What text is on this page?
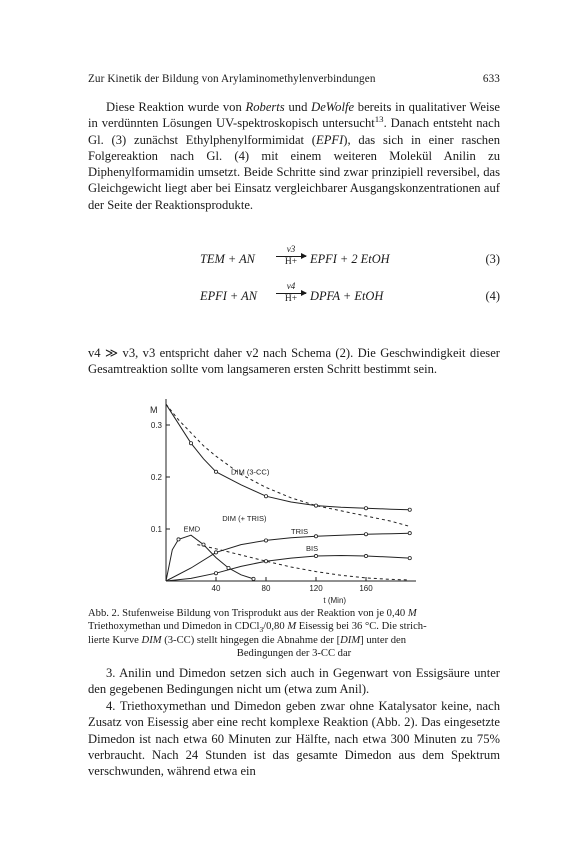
Zur Kinetik der Bildung von Arylaminomethylenverbindungen	633
Diese Reaktion wurde von Roberts und DeWolfe bereits in qualitativer Weise in verdünnten Lösungen UV-spektroskopisch untersucht$^{13}$. Danach entsteht nach Gl. (3) zunächst Ethylphenylformimidat (EPFI), das sich in einer raschen Folgereaktion nach Gl. (4) mit einem weiteren Molekül Anilin zu Diphenylformamidin umsetzt. Beide Schritte sind zwar prinzipiell reversibel, das Gleichgewicht liegt aber bei Einsatz vergleichbarer Ausgangskonzentrationen auf der Seite der Reaktionsprodukte.
TEM + AN
v3
H+	EPFI + 2 EtOH	(3)
EPFI + AN
v4
H+	DPFA + EtOH	(4)
v4 ≫ v3, v3 entspricht daher v2 nach Schema (2). Die Geschwindigkeit dieser Gesamtreaktion sollte vom langsameren ersten Schritt bestimmt sein.
M
0.1
0.2
0.3
40	80	120	160
t (Min)
DIM (3-CC)
DIM (+ TRIS)
EMD	TRIS
BIS
Abb. 2. Stufenweise Bildung von Trisprodukt aus der Reaktion von je 0,40 M
Triethoxymethan und Dimedon in CDCl$_3$/0,80 M Eisessig bei 36 °C. Die strich-
lierte Kurve DIM (3-CC) stellt hingegen die Abnahme der [DIM] unter den
Bedingungen der 3-CC dar
3. Anilin und Dimedon setzen sich auch in Gegenwart von Essigsäure unter den gegebenen Bedingungen nicht um (etwa zum Anil).
4. Triethoxymethan und Dimedon geben zwar ohne Katalysator keine, nach Zusatz von Eisessig aber eine recht komplexe Reaktion (Abb. 2). Das eingesetzte Dimedon ist nach etwa 60 Minuten zur Hälfte, nach etwa 300 Minuten zu 75% verbraucht. Nach 24 Stunden ist das gesamte Dimedon aus dem Spektrum verschwunden, während etwa ein
